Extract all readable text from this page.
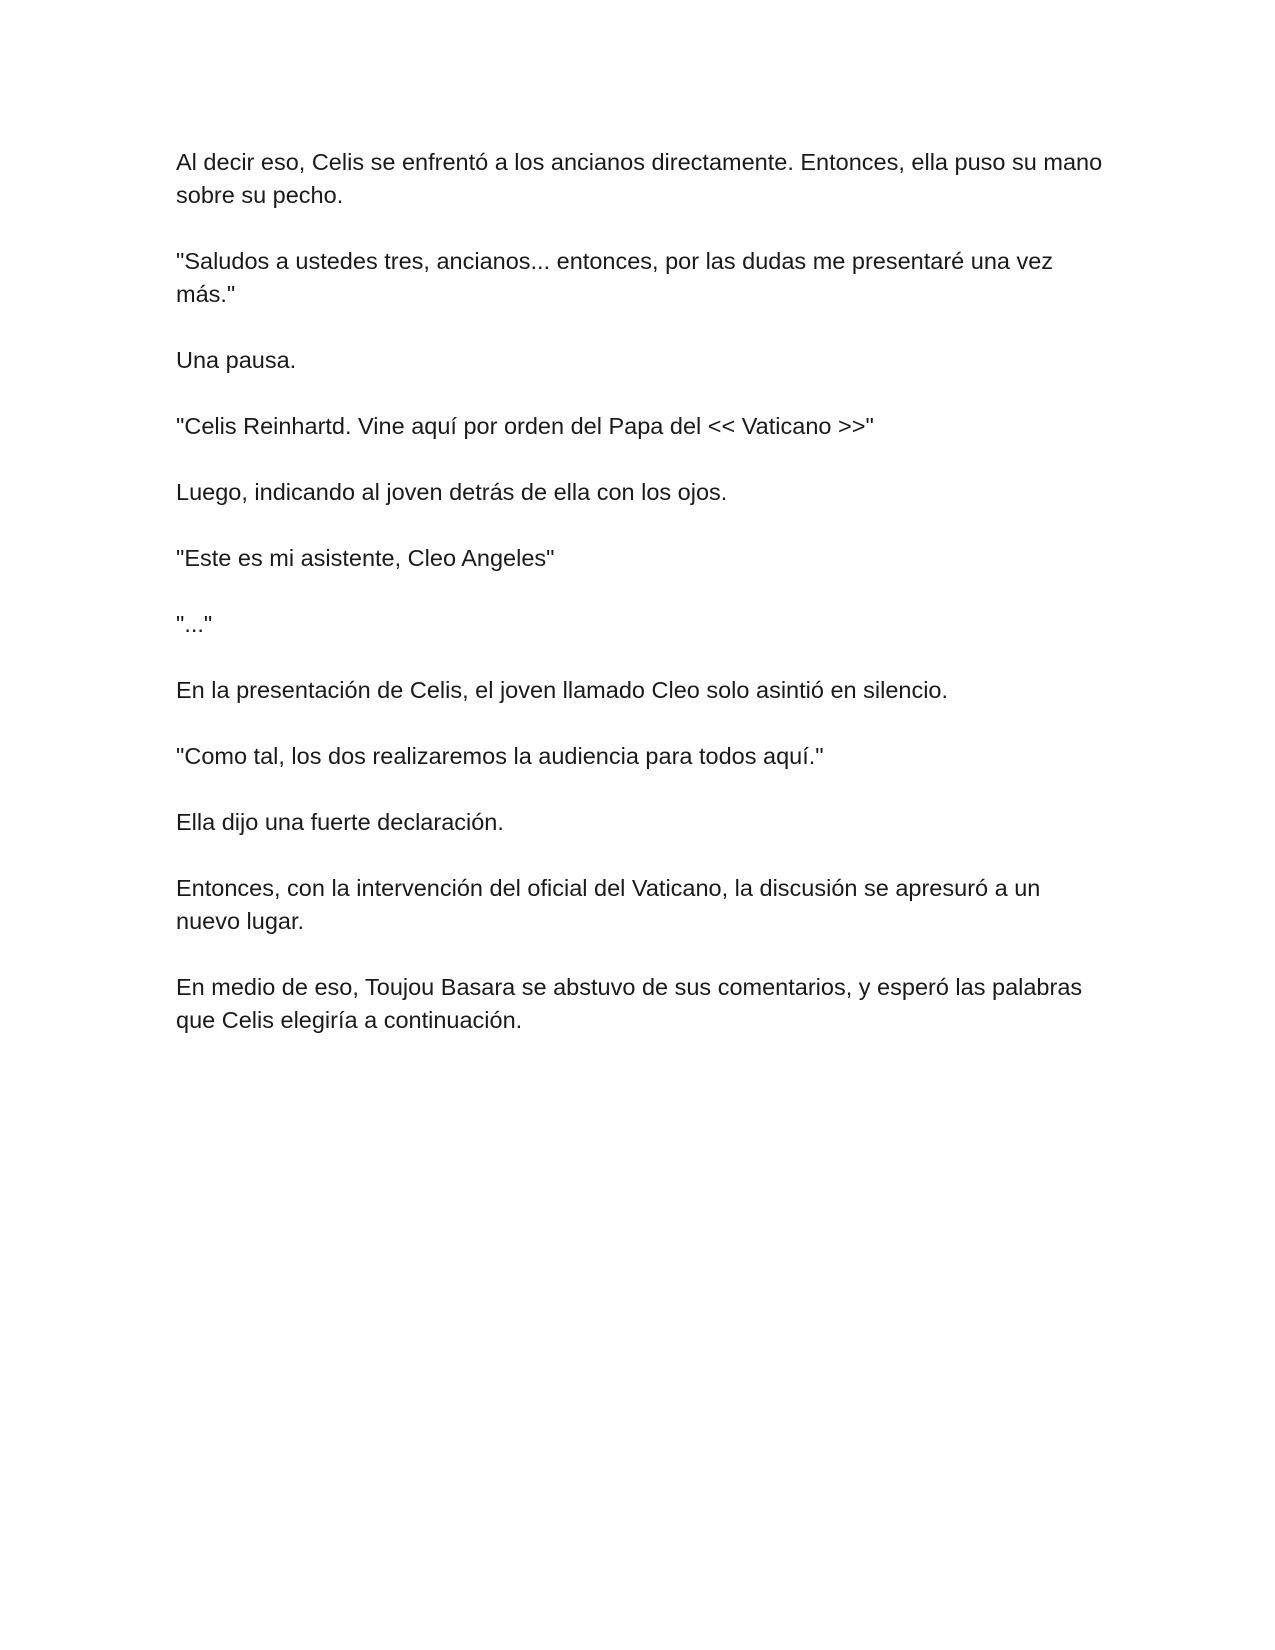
Al decir eso, Celis se enfrentó a los ancianos directamente. Entonces, ella puso su mano sobre su pecho.

"Saludos a ustedes tres, ancianos... entonces, por las dudas me presentaré una vez más."

Una pausa.

"Celis Reinhartd. Vine aquí por orden del Papa del << Vaticano >>"

Luego, indicando al joven detrás de ella con los ojos.

"Este es mi asistente, Cleo Angeles"

"..."

En la presentación de Celis, el joven llamado Cleo solo asintió en silencio.

"Como tal, los dos realizaremos la audiencia para todos aquí."

Ella dijo una fuerte declaración.

Entonces, con la intervención del oficial del Vaticano, la discusión se apresuró a un nuevo lugar.

En medio de eso, Toujou Basara se abstuvo de sus comentarios, y esperó las palabras que Celis elegiría a continuación.
